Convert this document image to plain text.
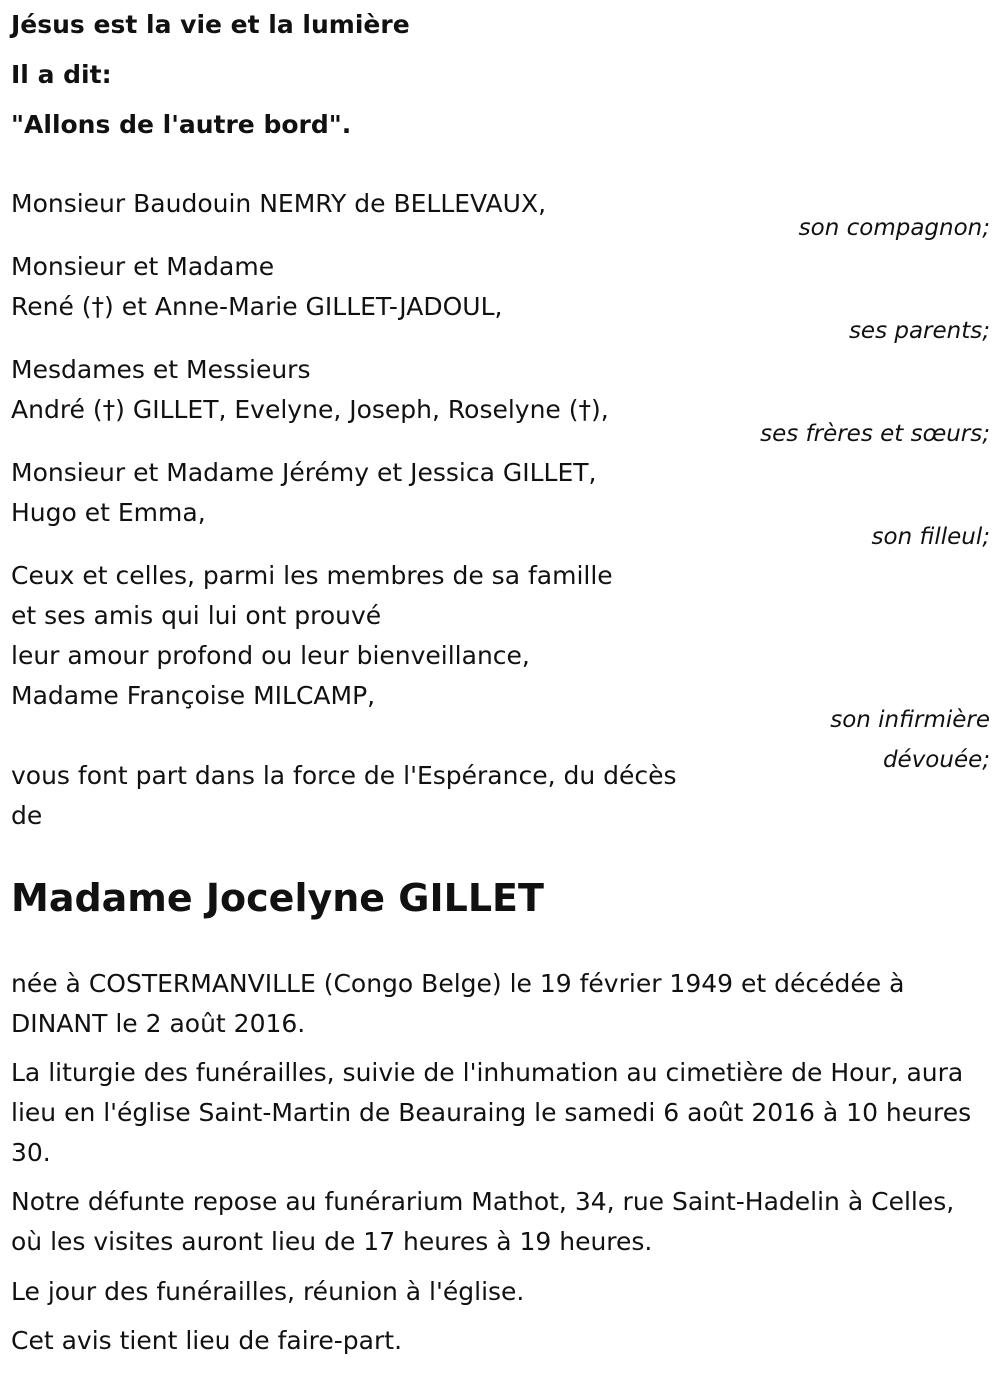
Jésus est la vie et la lumière
Il a dit:
"Allons de l'autre bord".
Monsieur Baudouin NEMRY de BELLEVAUX,
son compagnon;
Monsieur et Madame
René (†) et Anne-Marie GILLET-JADOUL,
ses parents;
Mesdames et Messieurs
André (†) GILLET, Evelyne, Joseph, Roselyne (†),
ses frères et sœurs;
Monsieur et Madame Jérémy et Jessica GILLET,
Hugo et Emma,
son filleul;
Ceux et celles, parmi les membres de sa famille
et ses amis qui lui ont prouvé
leur amour profond ou leur bienveillance,
Madame Françoise MILCAMP,
son infirmière
dévouée;
vous font part dans la force de l'Espérance, du décès
de
Madame Jocelyne GILLET
née à COSTERMANVILLE (Congo Belge) le 19 février 1949 et décédée à DINANT le 2 août 2016.
La liturgie des funérailles, suivie de l'inhumation au cimetière de Hour, aura lieu en l'église Saint-Martin de Beauraing le samedi 6 août 2016 à 10 heures 30.
Notre défunte repose au funérarium Mathot, 34, rue Saint-Hadelin à Celles, où les visites auront lieu de 17 heures à 19 heures.
Le jour des funérailles, réunion à l'église.
Cet avis tient lieu de faire-part.
